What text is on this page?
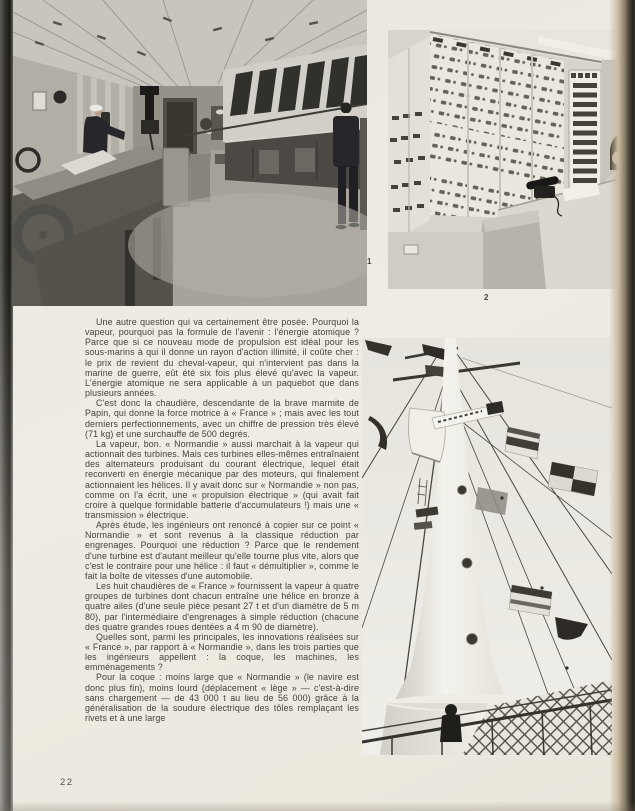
1
2

Une autre question qui va certainement être posée. Pourquoi la vapeur, pourquoi pas la formule de l'avenir : l'énergie atomique ? Parce que si ce nouveau mode de propulsion est idéal pour les sous-marins à qui il donne un rayon d'action illimité, il coûte cher : le prix de revient du cheval-vapeur, qui n'intervient pas dans la marine de guerre, eût été six fois plus élevé qu'avec la vapeur. L'énergie atomique ne sera applicable à un paquebot que dans plusieurs années.

C'est donc la chaudière, descendante de la brave marmite de Papin, qui donne la force motrice à « France » ; mais avec les tout derniers perfectionnements, avec un chiffre de pression très élevé (71 kg) et une surchauffe de 500 degrés.

La vapeur, bon. « Normandie » aussi marchait à la vapeur qui actionnait des turbines. Mais ces turbines elles-mêmes entraînaient des alternateurs produisant du courant électrique, lequel était reconverti en énergie mécanique par des moteurs, qui finalement actionnaient les hélices. Il y avait donc sur « Normandie » non pas, comme on l'a écrit, une « propulsion électrique » (qui avait fait croire à quelque formidable batterie d'accumulateurs !) mais une « transmission » électrique.

Après étude, les ingénieurs ont renoncé à copier sur ce point « Normandie » et sont revenus à la classique réduction par engrenages. Pourquoi une réduction ? Parce que le rendement d'une turbine est d'autant meilleur qu'elle tourne plus vite, alors que c'est le contraire pour une hélice : il faut « démultiplier », comme le fait la boîte de vitesses d'une automobile.

Les huit chaudières de « France » fournissent la vapeur à quatre groupes de turbines dont chacun entraîne une hélice en bronze à quatre ailes (d'une seule pièce pesant 27 t et d'un diamètre de 5 m 80), par l'intermédiaire d'engrenages à simple réduction (chacune des quatre grandes roues dentées a 4 m 90 de diamètre).

Quelles sont, parmi les principales, les innovations réalisées sur « France », par rapport à « Normandie », dans les trois parties que les ingénieurs appellent : la coque, les machines, les emménagements ?

Pour la coque : moins large que « Normandie » (le navire est donc plus fin), moins lourd (déplacement « lège » — c'est-à-dire sans chargement — de 43 000 t au lieu de 56 000) grâce à la généralisation de la soudure électrique des tôles remplaçant les rivets et à une large

22
